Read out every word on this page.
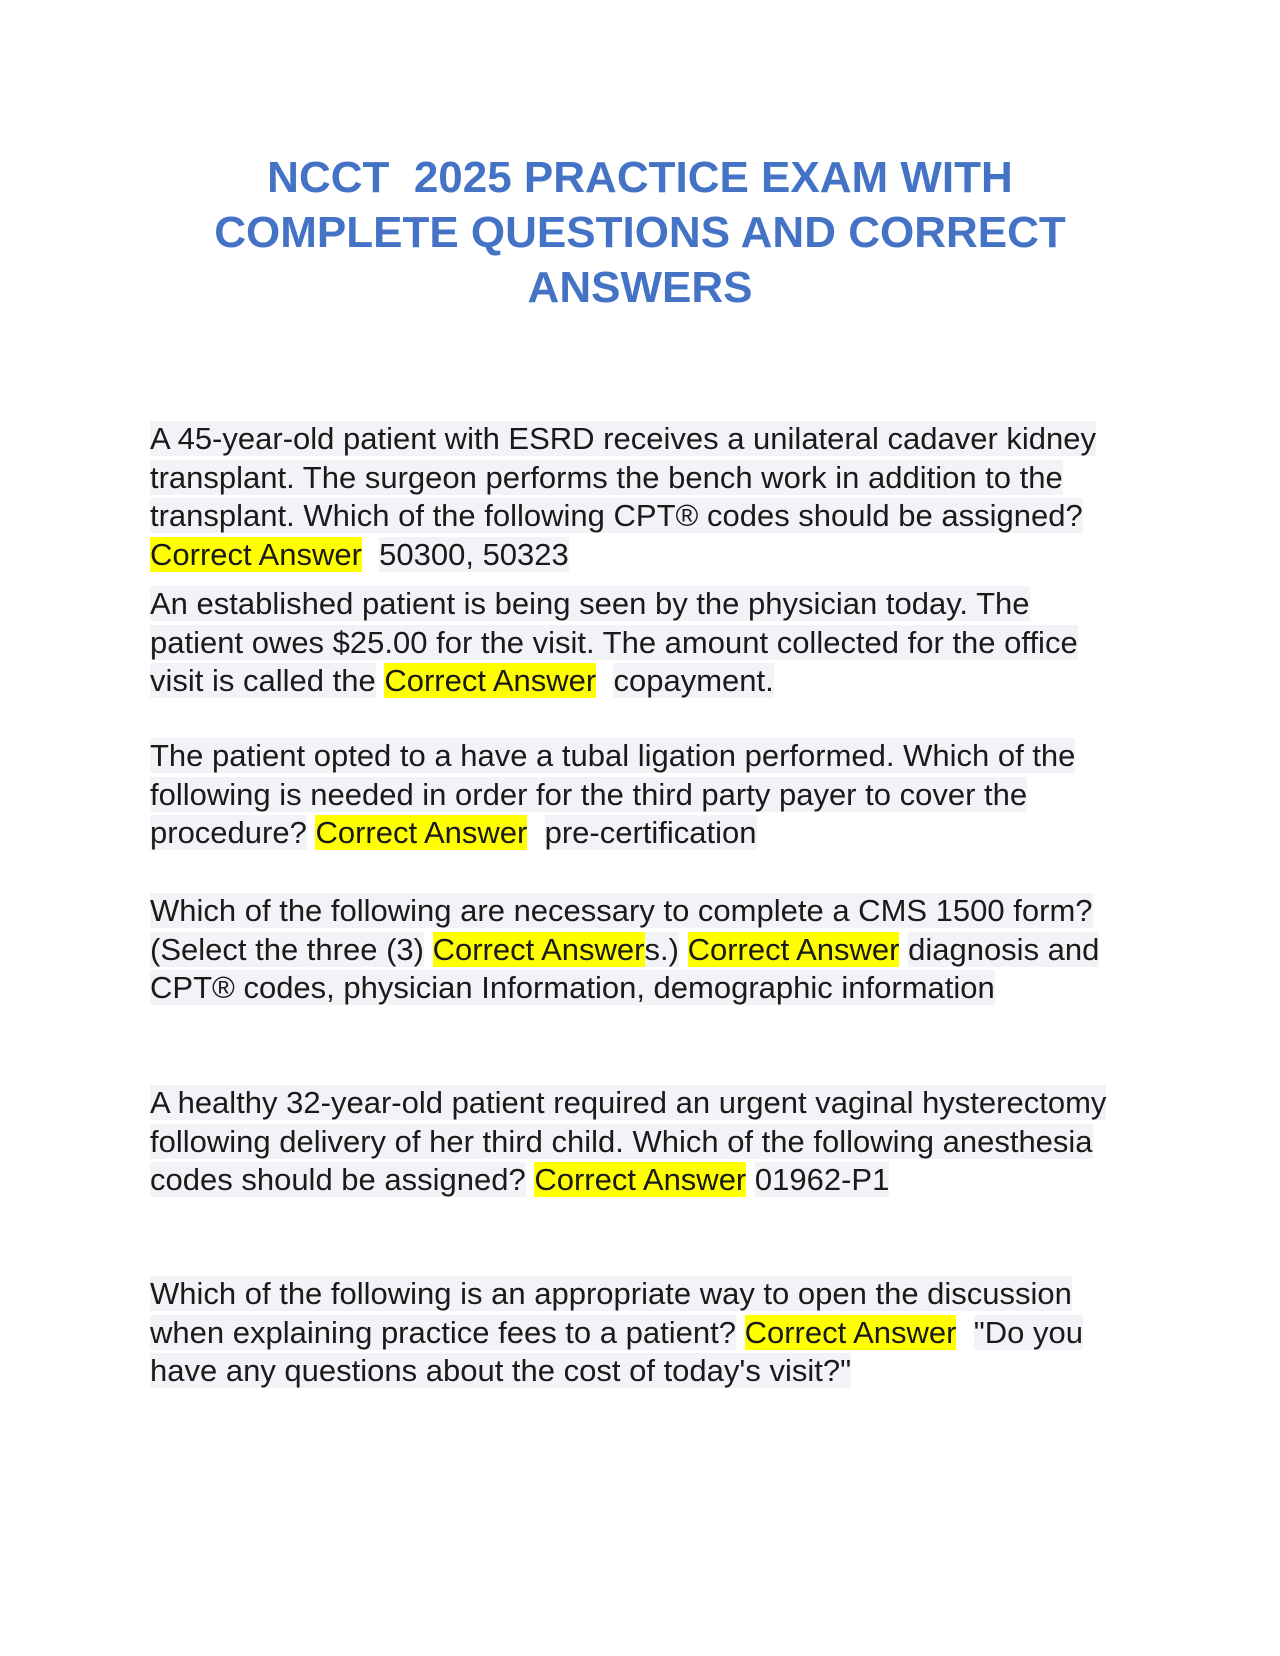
NCCT  2025 PRACTICE EXAM WITH COMPLETE QUESTIONS AND CORRECT ANSWERS

A 45-year-old patient with ESRD receives a unilateral cadaver kidney transplant. The surgeon performs the bench work in addition to the transplant. Which of the following CPT® codes should be assigned? Correct Answer 50300, 50323

An established patient is being seen by the physician today. The patient owes $25.00 for the visit. The amount collected for the office visit is called the Correct Answer copayment.

The patient opted to a have a tubal ligation performed. Which of the following is needed in order for the third party payer to cover the procedure? Correct Answer pre-certification

Which of the following are necessary to complete a CMS 1500 form? (Select the three (3) Correct Answers.) Correct Answer diagnosis and CPT® codes, physician Information, demographic information

A healthy 32-year-old patient required an urgent vaginal hysterectomy following delivery of her third child. Which of the following anesthesia codes should be assigned? Correct Answer 01962-P1

Which of the following is an appropriate way to open the discussion when explaining practice fees to a patient? Correct Answer "Do you have any questions about the cost of today's visit?"
